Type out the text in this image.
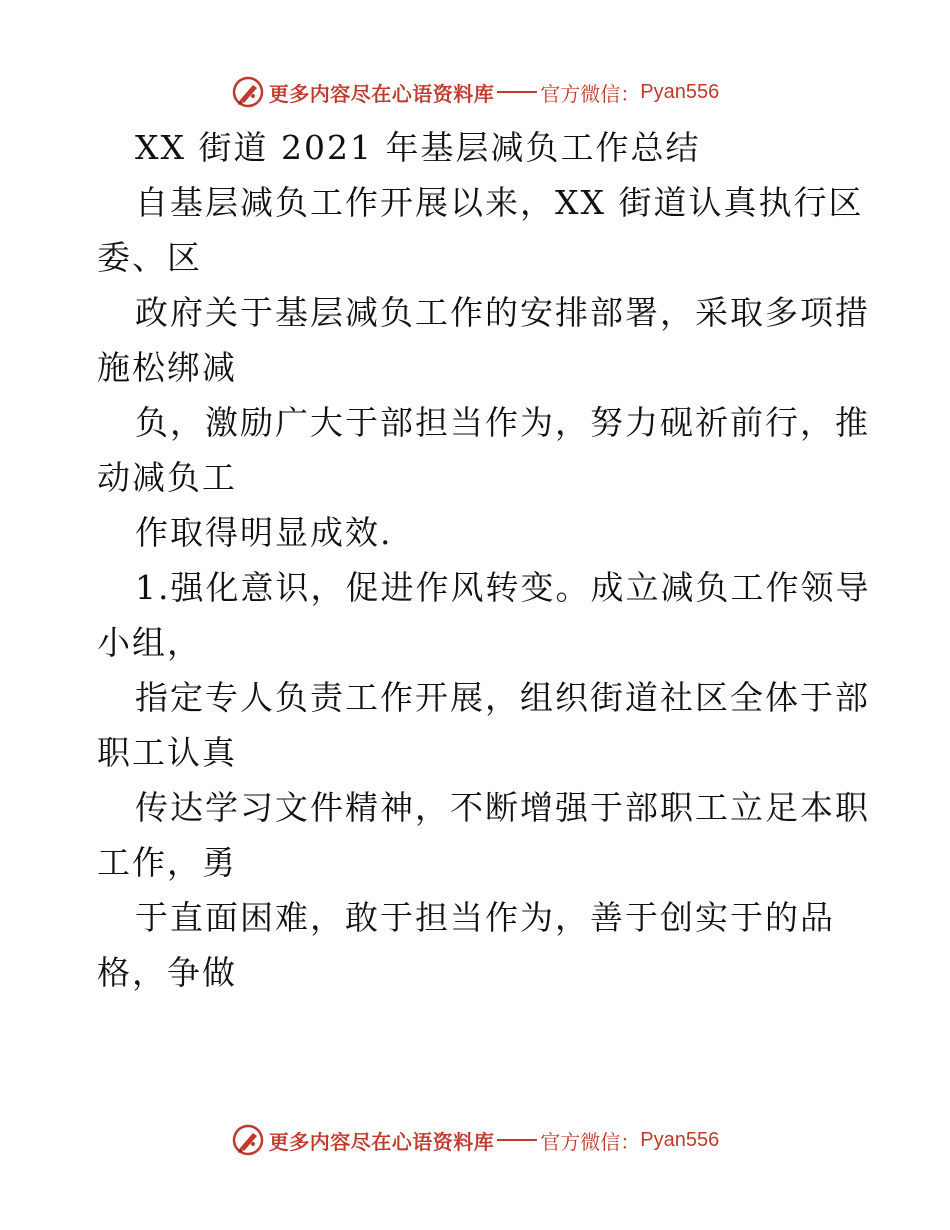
更多内容尽在心语资料库 官方微信： Pyan556
XX 街道 2021 年基层减负工作总结
自基层减负工作开展以来，XX 街道认真执行区
委、区
政府关于基层减负工作的安排部署，采取多项措
施松绑减
负，激励广大于部担当作为，努力砚祈前行，推
动减负工
作取得明显成效.
1.强化意识，促进作风转变。成立减负工作领导
小组，
指定专人负责工作开展，组织街道社区全体于部
职工认真
传达学习文件精神，不断增强于部职工立足本职
工作，勇
于直面困难，敢于担当作为，善于创实于的品
格，争做
更多内容尽在心语资料库 官方微信： Pyan556
